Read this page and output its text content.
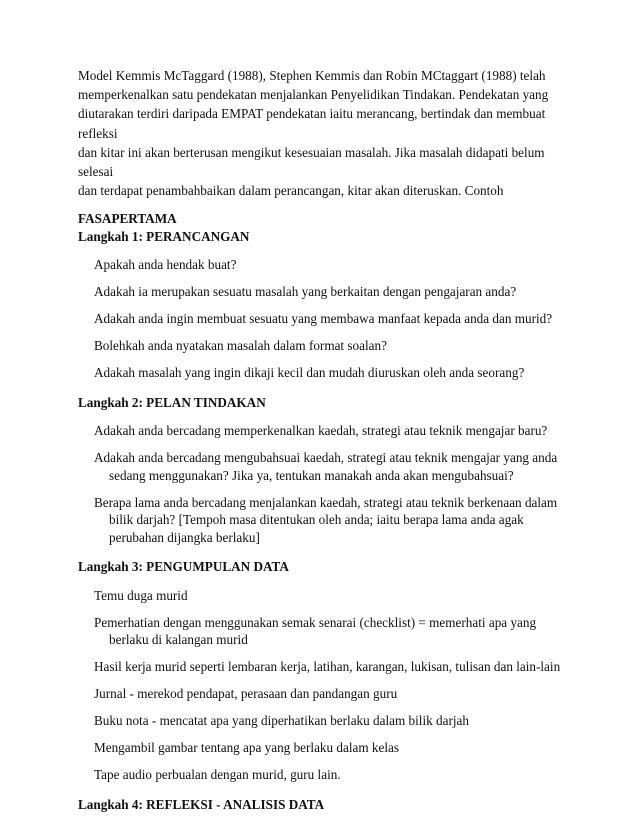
Model Kemmis McTaggard (1988), Stephen Kemmis dan Robin MCtaggart (1988) telah
memperkenalkan satu pendekatan menjalankan Penyelidikan Tindakan. Pendekatan yang
diutarakan terdiri daripada EMPAT pendekatan iaitu merancang, bertindak dan membuat refleksi
dan kitar ini akan berterusan mengikut kesesuaian masalah. Jika masalah didapati belum selesai
dan terdapat penambahbaikan dalam perancangan, kitar akan diteruskan. Contoh

FASAPERTAMA

Langkah 1: PERANCANGAN

Apakah anda hendak buat?
Adakah ia merupakan sesuatu masalah yang berkaitan dengan pengajaran anda?
Adakah anda ingin membuat sesuatu yang membawa manfaat kepada anda dan murid?
Bolehkah anda nyatakan masalah dalam format soalan?
Adakah masalah yang ingin dikaji kecil dan mudah diuruskan oleh anda seorang?

Langkah 2: PELAN TINDAKAN

Adakah anda bercadang memperkenalkan kaedah, strategi atau teknik mengajar baru?
Adakah anda bercadang mengubahsuai kaedah, strategi atau teknik mengajar yang anda sedang menggunakan? Jika ya, tentukan manakah anda akan mengubahsuai?
Berapa lama anda bercadang menjalankan kaedah, strategi atau teknik berkenaan dalam bilik darjah? [Tempoh masa ditentukan oleh anda; iaitu berapa lama anda agak perubahan dijangka berlaku]

Langkah 3: PENGUMPULAN DATA

Temu duga murid
Pemerhatian dengan menggunakan semak senarai (checklist) = memerhati apa yang berlaku di kalangan murid
Hasil kerja murid seperti lembaran kerja, latihan, karangan, lukisan, tulisan dan lain-lain
Jurnal - merekod pendapat, perasaan dan pandangan guru
Buku nota - mencatat apa yang diperhatikan berlaku dalam bilik darjah
Mengambil gambar tentang apa yang berlaku dalam kelas
Tape audio perbualan dengan murid, guru lain.

Langkah 4: REFLEKSI - ANALISIS DATA
